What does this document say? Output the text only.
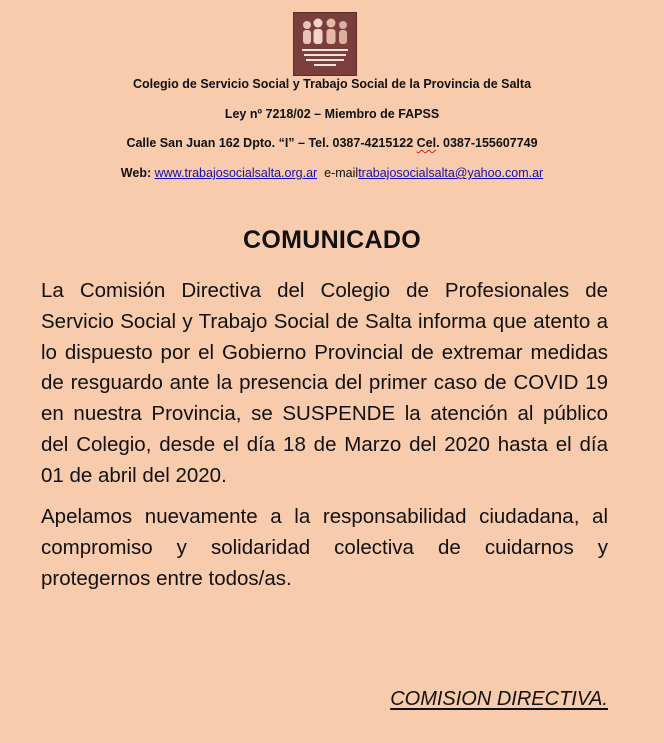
Colegio de Servicio Social y Trabajo Social de la Provincia de Salta
Ley nº 7218/02 – Miembro de FAPSS
Calle San Juan 162 Dpto. “I” – Tel. 0387-4215122 Cel. 0387-155607749
Web: www.trabajosocialsalta.org.ar e-mailtrabajosocialsalta@yahoo.com.ar
COMUNICADO
La Comisión Directiva del Colegio de Profesionales de Servicio Social y Trabajo Social de Salta informa que atento a lo dispuesto por el Gobierno Provincial de extremar medidas de resguardo ante la presencia del primer caso de COVID 19 en nuestra Provincia, se SUSPENDE la atención al público del Colegio, desde el día 18 de Marzo del 2020 hasta el día 01 de abril del 2020.
Apelamos nuevamente a la responsabilidad ciudadana, al compromiso y solidaridad colectiva de cuidarnos y protegernos entre todos/as.
COMISION DIRECTIVA.
